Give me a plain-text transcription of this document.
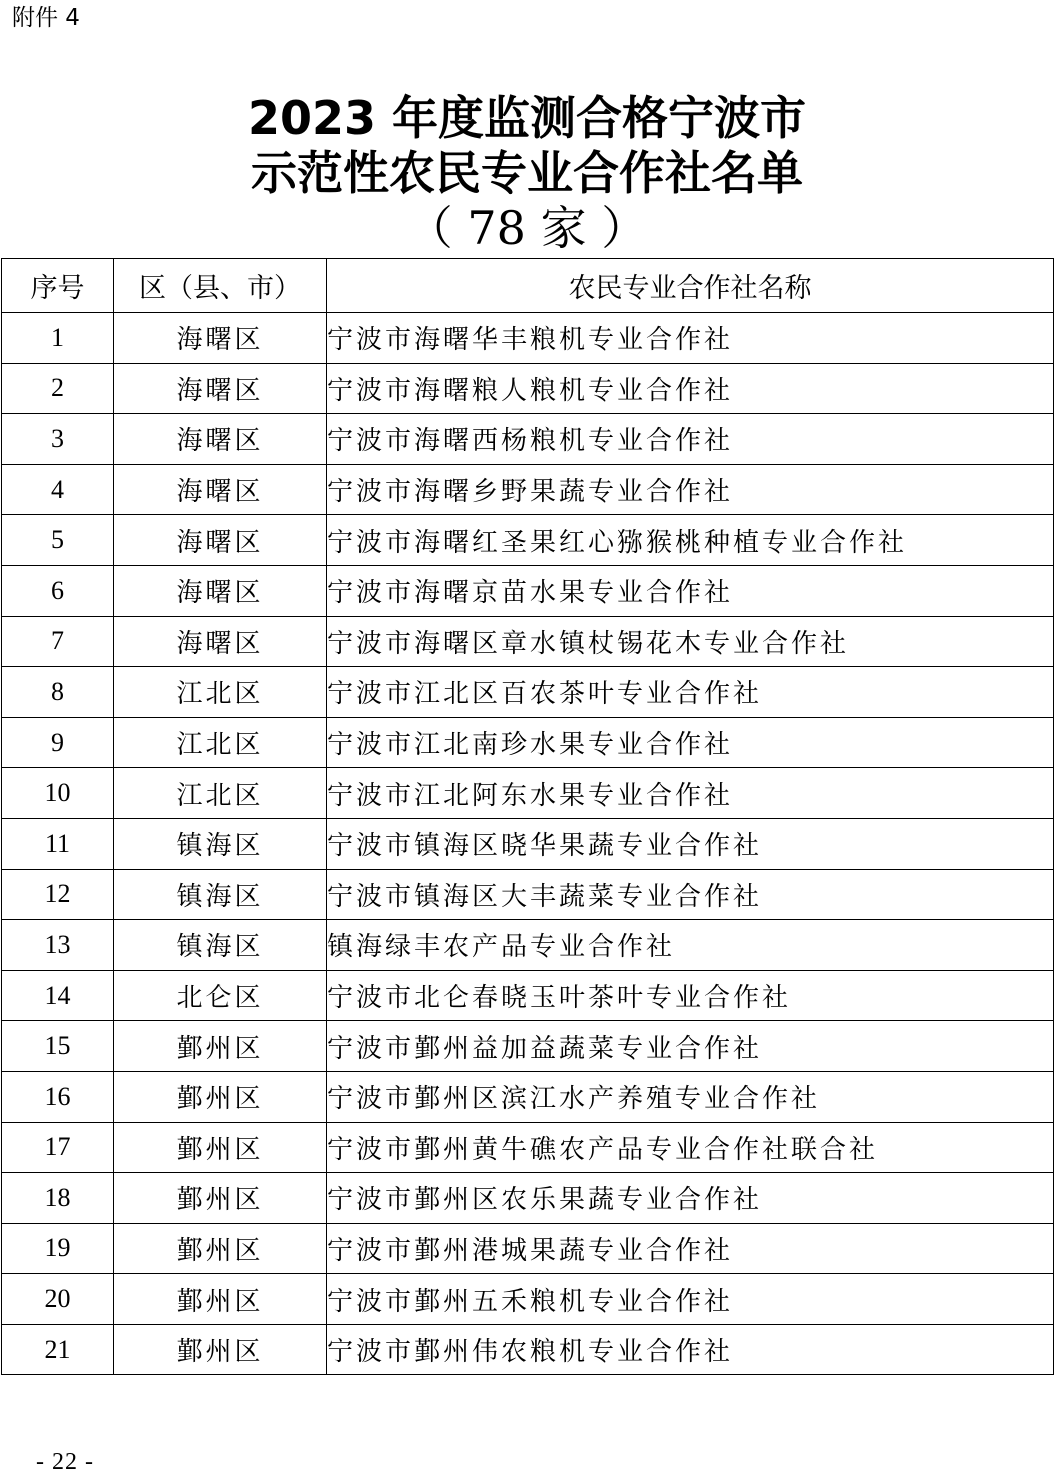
附件 4
2023 年度监测合格宁波市
示范性农民专业合作社名单
（ 78 家 ）
序号	区（县、市）	农民专业合作社名称
1	海曙区	宁波市海曙华丰粮机专业合作社
2	海曙区	宁波市海曙粮人粮机专业合作社
3	海曙区	宁波市海曙西杨粮机专业合作社
4	海曙区	宁波市海曙乡野果蔬专业合作社
5	海曙区	宁波市海曙红圣果红心猕猴桃种植专业合作社
6	海曙区	宁波市海曙京苗水果专业合作社
7	海曙区	宁波市海曙区章水镇杖锡花木专业合作社
8	江北区	宁波市江北区百农茶叶专业合作社
9	江北区	宁波市江北南珍水果专业合作社
10	江北区	宁波市江北阿东水果专业合作社
11	镇海区	宁波市镇海区晓华果蔬专业合作社
12	镇海区	宁波市镇海区大丰蔬菜专业合作社
13	镇海区	镇海绿丰农产品专业合作社
14	北仑区	宁波市北仑春晓玉叶茶叶专业合作社
15	鄞州区	宁波市鄞州益加益蔬菜专业合作社
16	鄞州区	宁波市鄞州区滨江水产养殖专业合作社
17	鄞州区	宁波市鄞州黄牛礁农产品专业合作社联合社
18	鄞州区	宁波市鄞州区农乐果蔬专业合作社
19	鄞州区	宁波市鄞州港城果蔬专业合作社
20	鄞州区	宁波市鄞州五禾粮机专业合作社
21	鄞州区	宁波市鄞州伟农粮机专业合作社
- 22 -
